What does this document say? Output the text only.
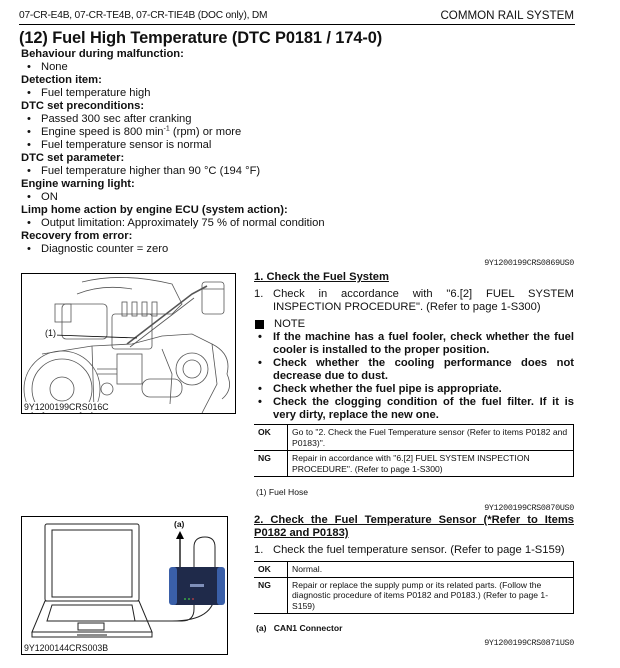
07-CR-E4B, 07-CR-TE4B, 07-CR-TIE4B (DOC only), DM	COMMON RAIL SYSTEM
(12) Fuel High Temperature (DTC P0181 / 174-0)
Behaviour during malfunction:
• None
Detection item:
• Fuel temperature high
DTC set preconditions:
• Passed 300 sec after cranking
• Engine speed is 800 $\min^{-1} (rpm)$ or more
• Fuel temperature sensor is normal
DTC set parameter:
• Fuel temperature higher than 90 °C (194 °F)
Engine warning light:
• ON
Limp home action by engine ECU (system action):
• Output limitation: Approximately 75 % of normal condition
Recovery from error:
• Diagnostic counter = zero
9Y1200199CRS0869US0
(1)
9Y1200199CRS016C
1. Check the Fuel System
1. Check in accordance with "6.[2] FUEL SYSTEM INSPECTION PROCEDURE". (Refer to page 1-S300)
NOTE
• If the machine has a fuel fooler, check whether the fuel cooler is installed to the proper position.
• Check whether the cooling performance does not decrease due to dust.
• Check whether the fuel pipe is appropriate.
• Check the clogging condition of the fuel filter. If it is very dirty, replace the new one.
OK	Go to "2. Check the Fuel Temperature sensor (Refer to items P0182 and P0183)".
NG	Repair in accordance with "6.[2] FUEL SYSTEM INSPECTION PROCEDURE". (Refer to page 1-S300)
(1) Fuel Hose
9Y1200199CRS0870US0
2. Check the Fuel Temperature Sensor (*Refer to Items P0182 and P0183)
1. Check the fuel temperature sensor. (Refer to page 1-S159)
OK	Normal.
NG	Repair or replace the supply pump or its related parts. (Follow the diagnostic procedure of items P0182 and P0183.) (Refer to page 1-S159)
(a) CAN1 Connector
9Y1200199CRS0871US0
(a)
9Y1200144CRS003B
